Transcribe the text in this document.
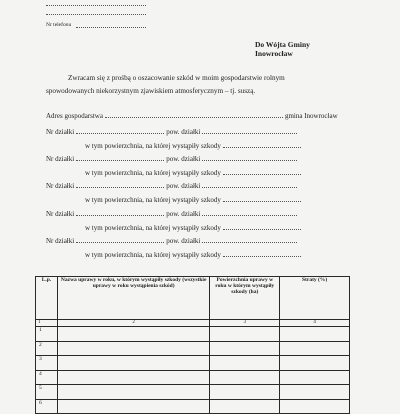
Nr telefonu
Do Wójta Gminy
Inowrocław
Zwracam się z prośbą o oszacowanie szkód w moim gospodarstwie rolnym
spowodowanych niekorzystnym zjawiskiem atmosferycznym – tj. suszą.
Adres gospodarstwa	gmina Inowrocław
Nr działki	pow. działki
w tym powierzchnia, na której wystąpiły szkody
Nr działki	pow. działki
w tym powierzchnia, na której wystąpiły szkody
Nr działki	pow. działki
w tym powierzchnia, na której wystąpiły szkody
Nr działki	pow. działki
w tym powierzchnia, na której wystąpiły szkody
Nr działki	pow. działki
w tym powierzchnia, na której wystąpiły szkody
L.p.	Nazwa uprawy w roku, w którym wystąpiły szkody (wszystkie uprawy w roku wystąpienia szkód)	Powierzchnia uprawy w roku w którym wystąpiły szkody (ha)	Straty (%)
1	2	3	4
1			
2			
3			
4			
5			
6			
